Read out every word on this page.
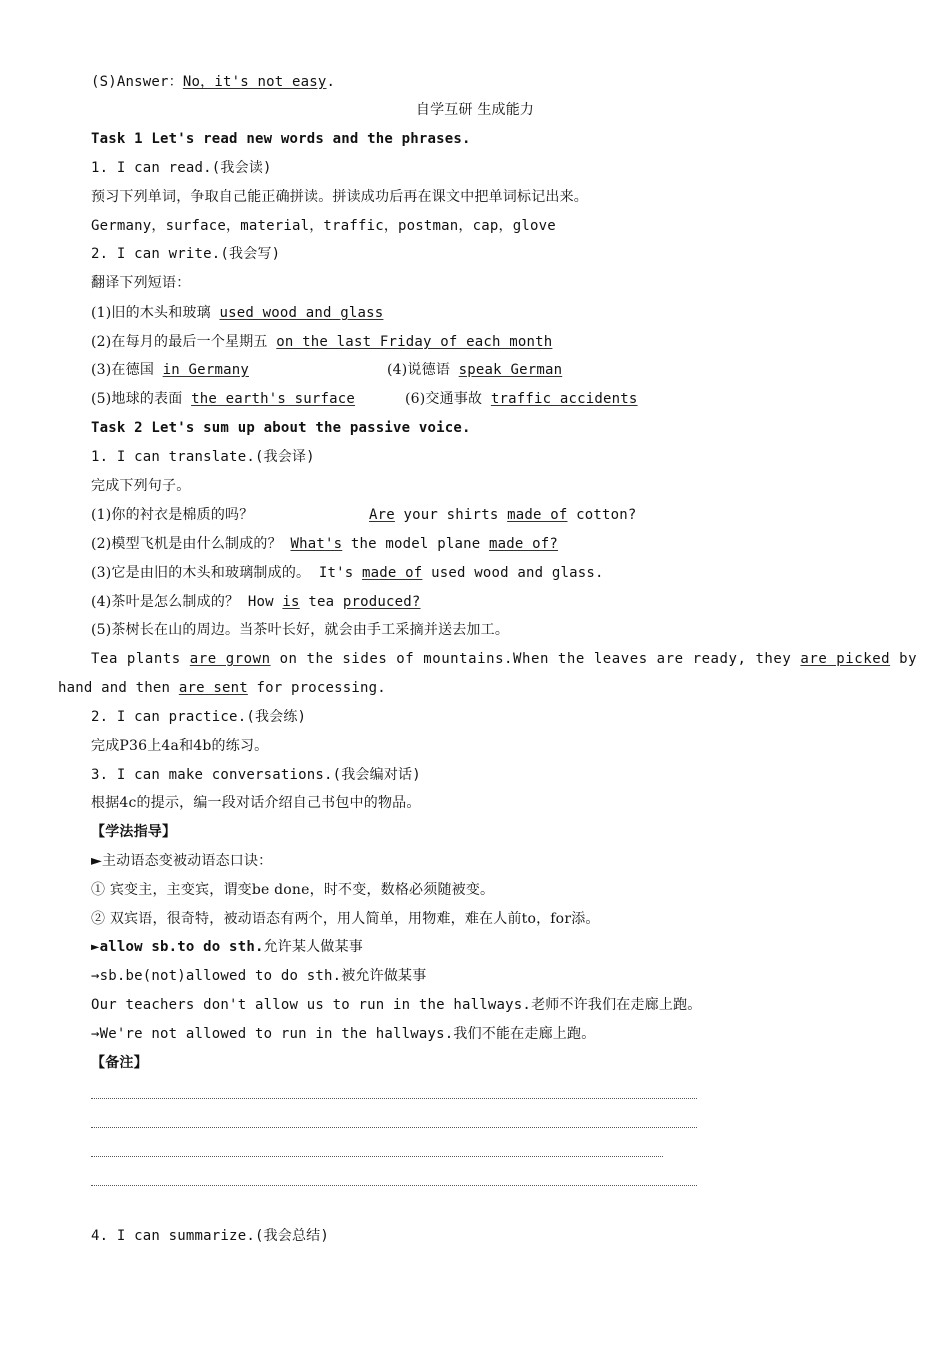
(S)Answer：No，it's not easy.
自学互研 生成能力
Task 1 Let's read new words and the phrases.
1. I can read.(我会读)
预习下列单词，争取自己能正确拼读。拼读成功后再在课文中把单词标记出来。
Germany，surface，material，traffic，postman，cap，glove
2. I can write.(我会写)
翻译下列短语：
(1)旧的木头和玻璃 used wood and glass
(2)在每月的最后一个星期五 on the last Friday of each month
(3)在德国 in Germany	(4)说德语 speak German
(5)地球的表面 the earth's surface	(6)交通事故 traffic accidents
Task 2 Let's sum up about the passive voice.
1. I can translate.(我会译)
完成下列句子。
(1)你的衬衣是棉质的吗？	Are your shirts made of cotton?
(2)模型飞机是由什么制成的？ What's the model plane made of?
(3)它是由旧的木头和玻璃制成的。 It's made of used wood and glass.
(4)茶叶是怎么制成的？ How is tea produced?
(5)茶树长在山的周边。当茶叶长好，就会由手工采摘并送去加工。
Tea plants are grown on the sides of mountains.When the leaves are ready, they are picked by
hand and then are sent for processing.
2. I can practice.(我会练)
完成P36上4a和4b的练习。
3. I can make conversations.(我会编对话)
根据4c的提示，编一段对话介绍自己书包中的物品。
【学法指导】
►主动语态变被动语态口诀：
① 宾变主，主变宾，谓变be done，时不变，数格必须随被变。
② 双宾语，很奇特，被动语态有两个，用人简单，用物难，难在人前to，for添。
►allow sb.to do sth.允许某人做某事
→sb.be(not)allowed to do sth.被允许做某事
Our teachers don't allow us to run in the hallways.老师不许我们在走廊上跑。
→We're not allowed to run in the hallways.我们不能在走廊上跑。
【备注】
4. I can summarize.(我会总结)
